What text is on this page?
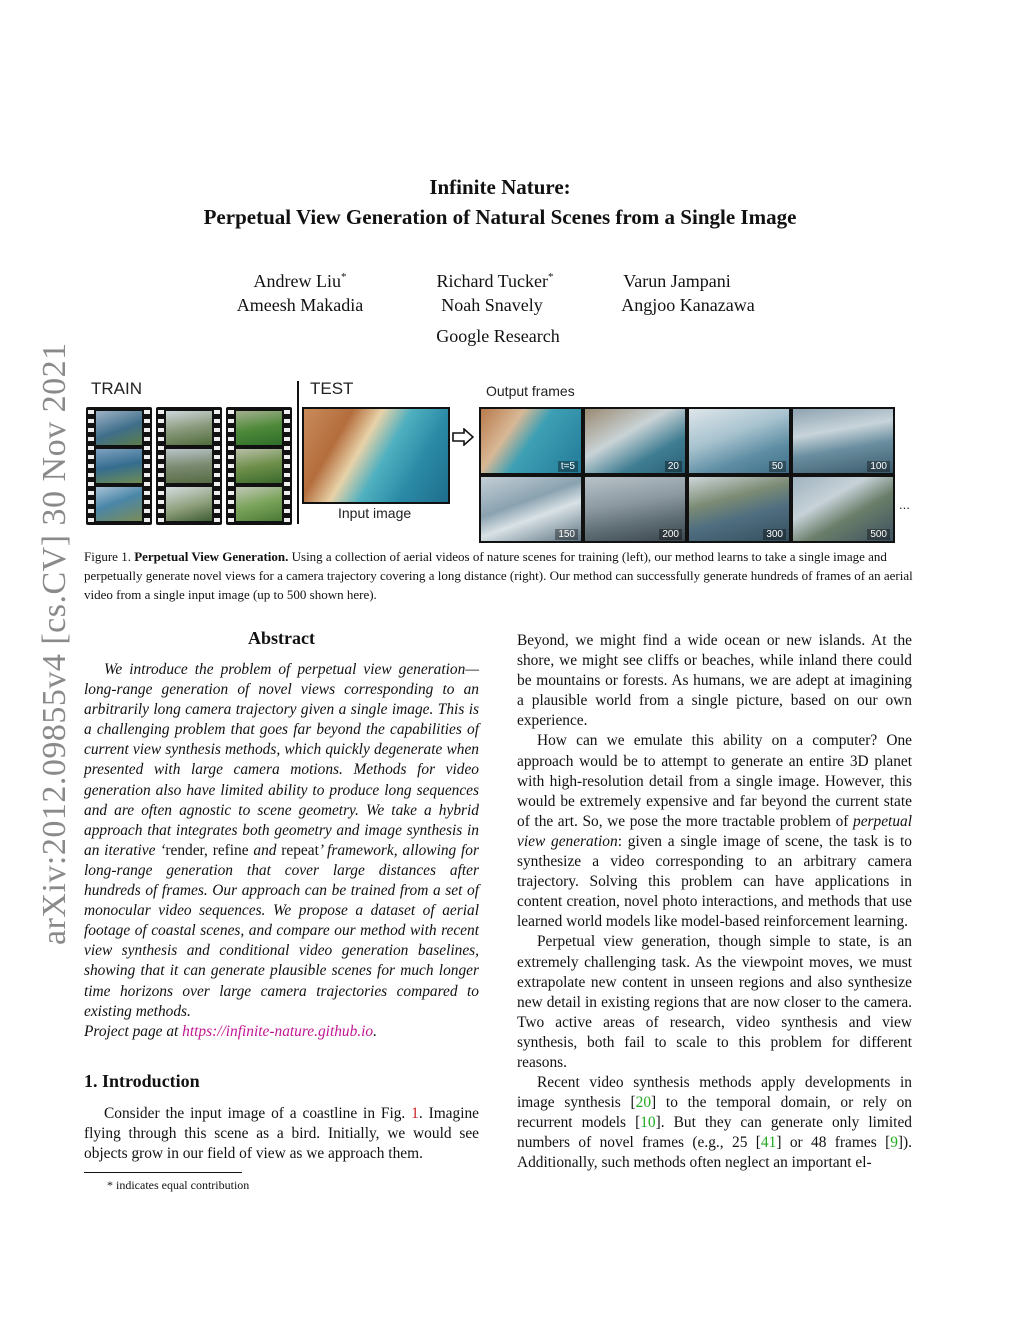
arXiv:2012.09855v4 [cs.CV] 30 Nov 2021
Infinite Nature:
Perpetual View Generation of Natural Scenes from a Single Image
Andrew Liu*	Richard Tucker*	Varun Jampani
Ameesh Makadia	Noah Snavely	Angjoo Kanazawa
Google Research
TRAIN	TEST	Output frames
Input image
t=5	20	50	100
150	200	300	500
...
Figure 1. Perpetual View Generation. Using a collection of aerial videos of nature scenes for training (left), our method learns to take a single image and perpetually generate novel views for a camera trajectory covering a long distance (right). Our method can successfully generate hundreds of frames of an aerial video from a single input image (up to 500 shown here).
Abstract

We introduce the problem of perpetual view generation—long-range generation of novel views corresponding to an arbitrarily long camera trajectory given a single image. This is a challenging problem that goes far beyond the capabilities of current view synthesis methods, which quickly degenerate when presented with large camera motions. Methods for video generation also have limited ability to produce long sequences and are often agnostic to scene geometry. We take a hybrid approach that integrates both geometry and image synthesis in an iterative ‘render, refine and repeat’ framework, allowing for long-range generation that cover large distances after hundreds of frames. Our approach can be trained from a set of monocular video sequences. We propose a dataset of aerial footage of coastal scenes, and compare our method with recent view synthesis and conditional video generation baselines, showing that it can generate plausible scenes for much longer time horizons over large camera trajectories compared to existing methods.

Project page at https://infinite-nature.github.io.

1. Introduction

Consider the input image of a coastline in Fig. 1. Imagine flying through this scene as a bird. Initially, we would see objects grow in our field of view as we approach them.

* indicates equal contribution

Beyond, we might find a wide ocean or new islands. At the shore, we might see cliffs or beaches, while inland there could be mountains or forests. As humans, we are adept at imagining a plausible world from a single picture, based on our own experience.

How can we emulate this ability on a computer? One approach would be to attempt to generate an entire 3D planet with high-resolution detail from a single image. However, this would be extremely expensive and far beyond the current state of the art. So, we pose the more tractable problem of perpetual view generation: given a single image of scene, the task is to synthesize a video corresponding to an arbitrary camera trajectory. Solving this problem can have applications in content creation, novel photo interactions, and methods that use learned world models like model-based reinforcement learning.

Perpetual view generation, though simple to state, is an extremely challenging task. As the viewpoint moves, we must extrapolate new content in unseen regions and also synthesize new detail in existing regions that are now closer to the camera. Two active areas of research, video synthesis and view synthesis, both fail to scale to this problem for different reasons.

Recent video synthesis methods apply developments in image synthesis [20] to the temporal domain, or rely on recurrent models [10]. But they can generate only limited numbers of novel frames (e.g., 25 [41] or 48 frames [9]). Additionally, such methods often neglect an important el-
